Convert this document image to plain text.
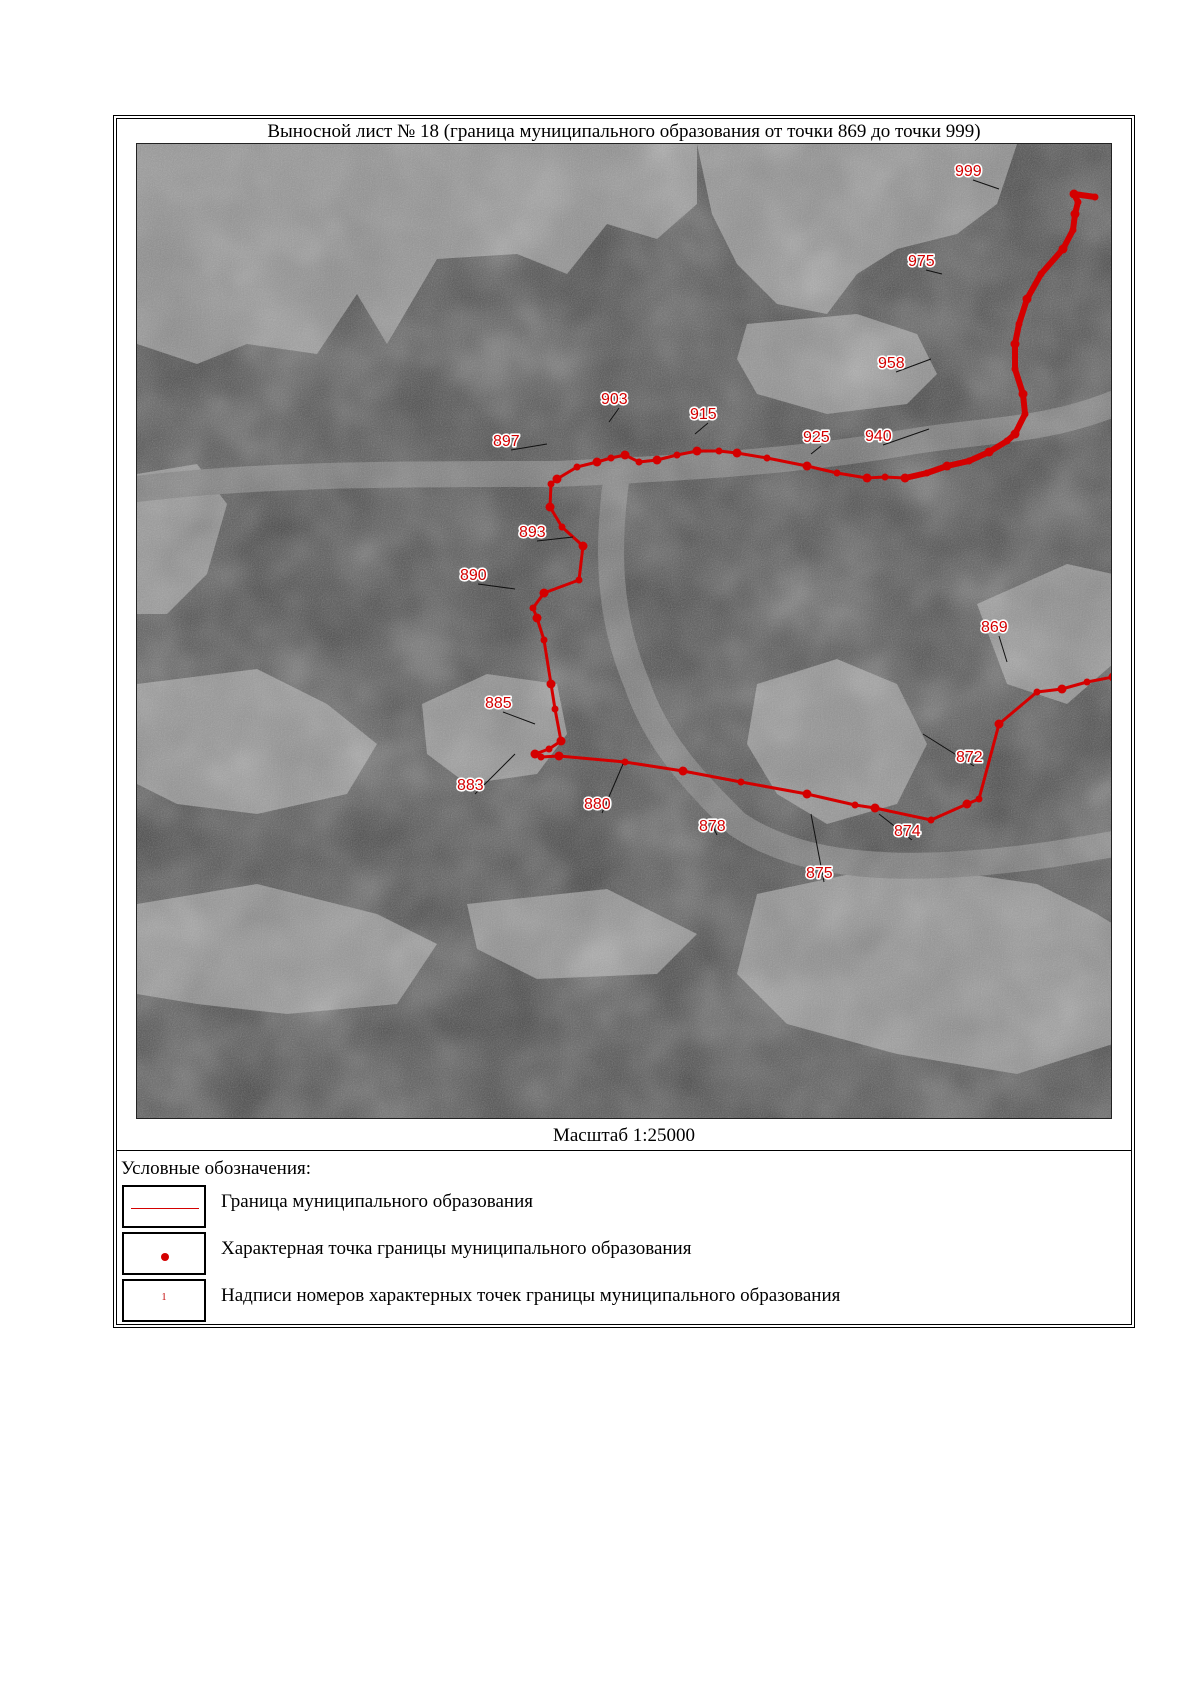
Выносной лист № 18 (граница муниципального образования от точки 869 до точки 999)
999
975
958
940
925
915
903
897
893
890
885
883
880
878
875
874
872
869
Масштаб 1:25000
Условные обозначения:
Граница муниципального образования
Характерная точка границы муниципального образования
1	Надписи номеров характерных точек границы муниципального образования
